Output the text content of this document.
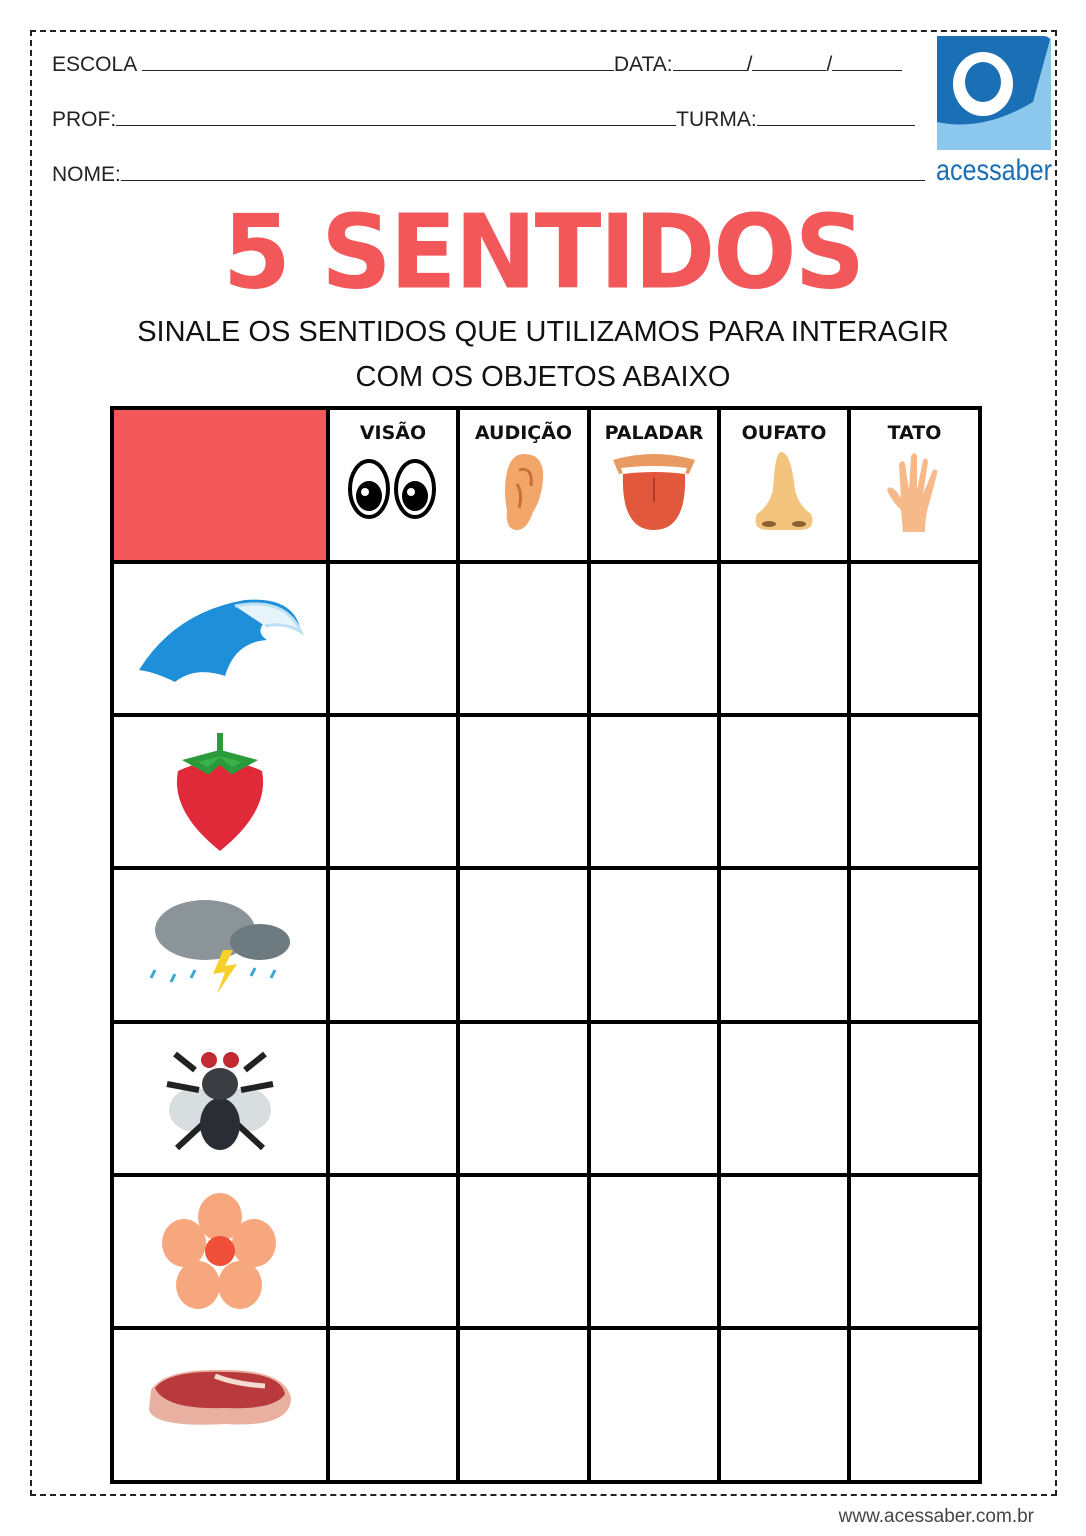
ESCOLA	DATA:	/	/
PROF:	TURMA:
NOME:	acessaber
5 SENTIDOS
SINALE OS SENTIDOS QUE UTILIZAMOS PARA INTERAGIR
COM OS OBJETOS ABAIXO

	VISÃO	AUDIÇÃO	PALADAR	OUFATO	TATO

www.acessaber.com.br
